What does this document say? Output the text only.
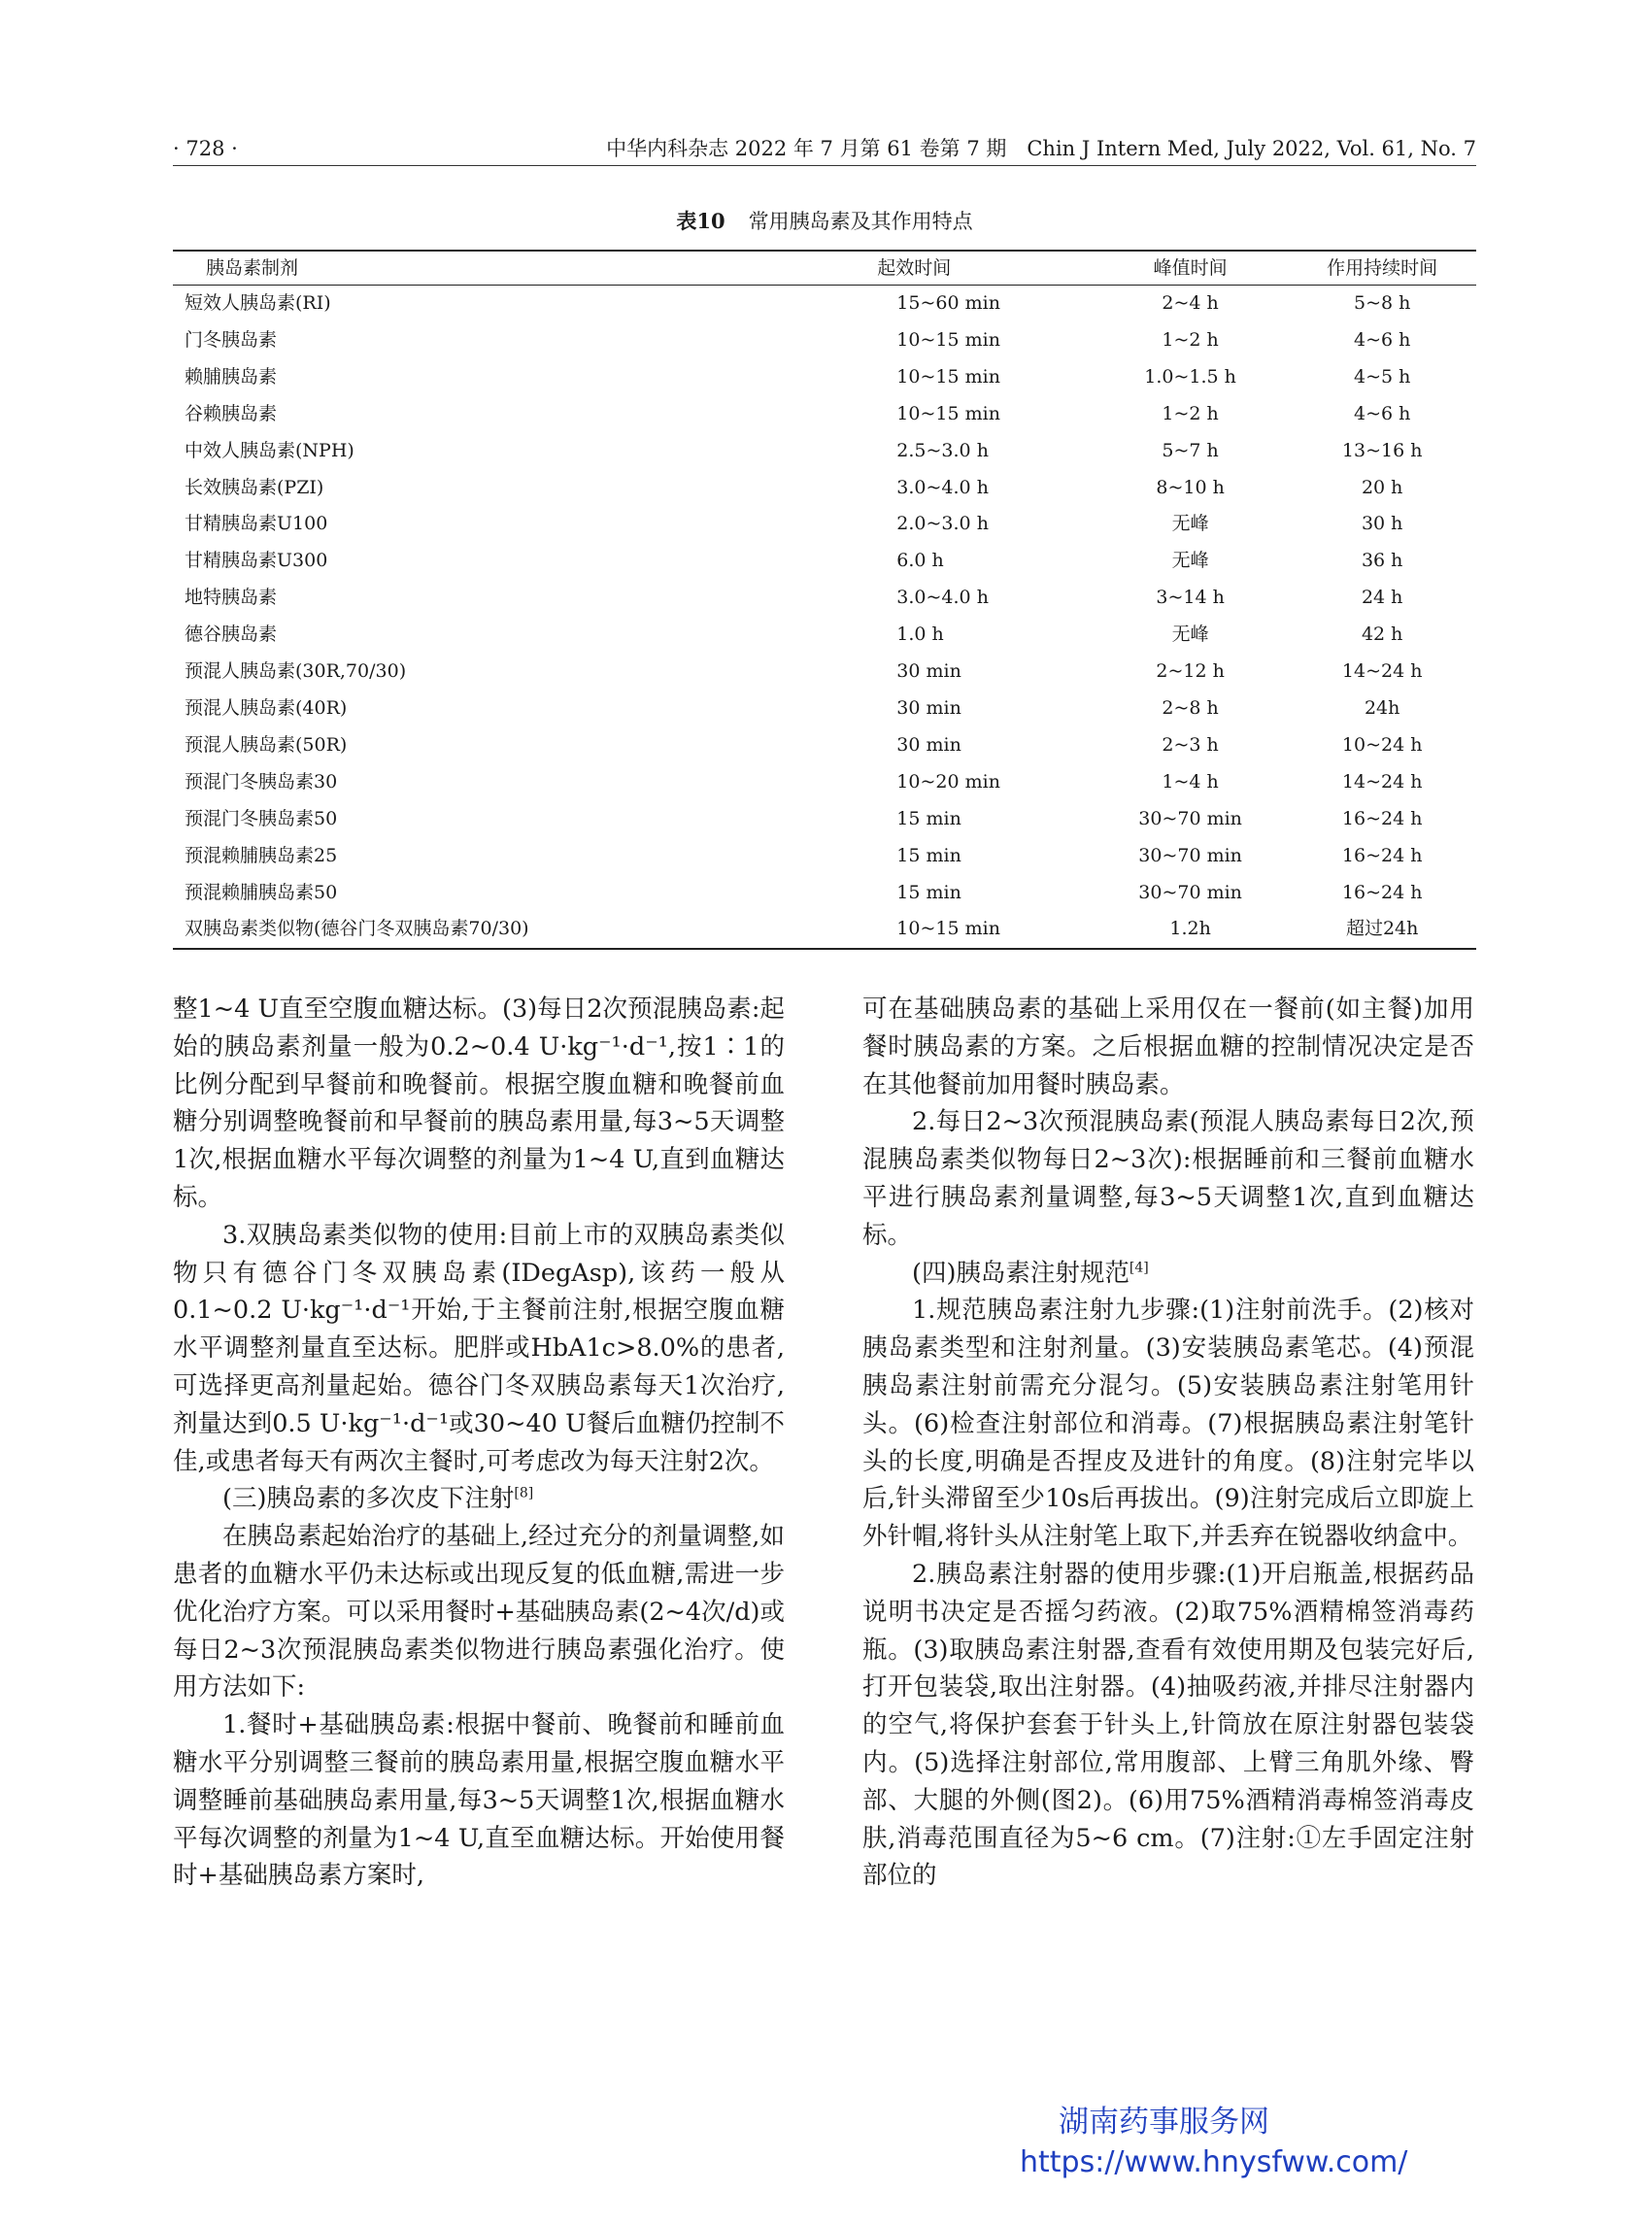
· 728 ·	中华内科杂志 2022 年 7 月第 61 卷第 7 期　Chin J Intern Med, July 2022, Vol. 61, No. 7
表10 常用胰岛素及其作用特点
胰岛素制剂	起效时间	峰值时间	作用持续时间
短效人胰岛素(RI)	15~60 min	2~4 h	5~8 h
门冬胰岛素	10~15 min	1~2 h	4~6 h
赖脯胰岛素	10~15 min	1.0~1.5 h	4~5 h
谷赖胰岛素	10~15 min	1~2 h	4~6 h
中效人胰岛素(NPH)	2.5~3.0 h	5~7 h	13~16 h
长效胰岛素(PZI)	3.0~4.0 h	8~10 h	20 h
甘精胰岛素U100	2.0~3.0 h	无峰	30 h
甘精胰岛素U300	6.0 h	无峰	36 h
地特胰岛素	3.0~4.0 h	3~14 h	24 h
德谷胰岛素	1.0 h	无峰	42 h
预混人胰岛素(30R,70/30)	30 min	2~12 h	14~24 h
预混人胰岛素(40R)	30 min	2~8 h	24h
预混人胰岛素(50R)	30 min	2~3 h	10~24 h
预混门冬胰岛素30	10~20 min	1~4 h	14~24 h
预混门冬胰岛素50	15 min	30~70 min	16~24 h
预混赖脯胰岛素25	15 min	30~70 min	16~24 h
预混赖脯胰岛素50	15 min	30~70 min	16~24 h
双胰岛素类似物(德谷门冬双胰岛素70/30)	10~15 min	1.2h	超过24h

整1~4 U直至空腹血糖达标。(3)每日2次预混胰岛素:起始的胰岛素剂量一般为0.2~0.4 U·kg⁻¹·d⁻¹,按1∶1的比例分配到早餐前和晚餐前。根据空腹血糖和晚餐前血糖分别调整晚餐前和早餐前的胰岛素用量,每3~5天调整1次,根据血糖水平每次调整的剂量为1~4 U,直到血糖达标。

3.双胰岛素类似物的使用:目前上市的双胰岛素类似物只有德谷门冬双胰岛素(IDegAsp),该药一般从0.1~0.2 U·kg⁻¹·d⁻¹开始,于主餐前注射,根据空腹血糖水平调整剂量直至达标。肥胖或HbA1c>8.0%的患者,可选择更高剂量起始。德谷门冬双胰岛素每天1次治疗,剂量达到0.5 U·kg⁻¹·d⁻¹或30~40 U餐后血糖仍控制不佳,或患者每天有两次主餐时,可考虑改为每天注射2次。

(三)胰岛素的多次皮下注射[8]

在胰岛素起始治疗的基础上,经过充分的剂量调整,如患者的血糖水平仍未达标或出现反复的低血糖,需进一步优化治疗方案。可以采用餐时+基础胰岛素(2~4次/d)或每日2~3次预混胰岛素类似物进行胰岛素强化治疗。使用方法如下:

1.餐时+基础胰岛素:根据中餐前、晚餐前和睡前血糖水平分别调整三餐前的胰岛素用量,根据空腹血糖水平调整睡前基础胰岛素用量,每3~5天调整1次,根据血糖水平每次调整的剂量为1~4 U,直至血糖达标。开始使用餐时+基础胰岛素方案时,

可在基础胰岛素的基础上采用仅在一餐前(如主餐)加用餐时胰岛素的方案。之后根据血糖的控制情况决定是否在其他餐前加用餐时胰岛素。

2.每日2~3次预混胰岛素(预混人胰岛素每日2次,预混胰岛素类似物每日2~3次):根据睡前和三餐前血糖水平进行胰岛素剂量调整,每3~5天调整1次,直到血糖达标。

(四)胰岛素注射规范[4]

1.规范胰岛素注射九步骤:(1)注射前洗手。(2)核对胰岛素类型和注射剂量。(3)安装胰岛素笔芯。(4)预混胰岛素注射前需充分混匀。(5)安装胰岛素注射笔用针头。(6)检查注射部位和消毒。(7)根据胰岛素注射笔针头的长度,明确是否捏皮及进针的角度。(8)注射完毕以后,针头滞留至少10s后再拔出。(9)注射完成后立即旋上外针帽,将针头从注射笔上取下,并丢弃在锐器收纳盒中。

2.胰岛素注射器的使用步骤:(1)开启瓶盖,根据药品说明书决定是否摇匀药液。(2)取75%酒精棉签消毒药瓶。(3)取胰岛素注射器,查看有效使用期及包装完好后,打开包装袋,取出注射器。(4)抽吸药液,并排尽注射器内的空气,将保护套套于针头上,针筒放在原注射器包装袋内。(5)选择注射部位,常用腹部、上臂三角肌外缘、臀部、大腿的外侧(图2)。(6)用75%酒精消毒棉签消毒皮肤,消毒范围直径为5~6 cm。(7)注射:①左手固定注射部位的

湖南药事服务网
https://www.hnysfww.com/
